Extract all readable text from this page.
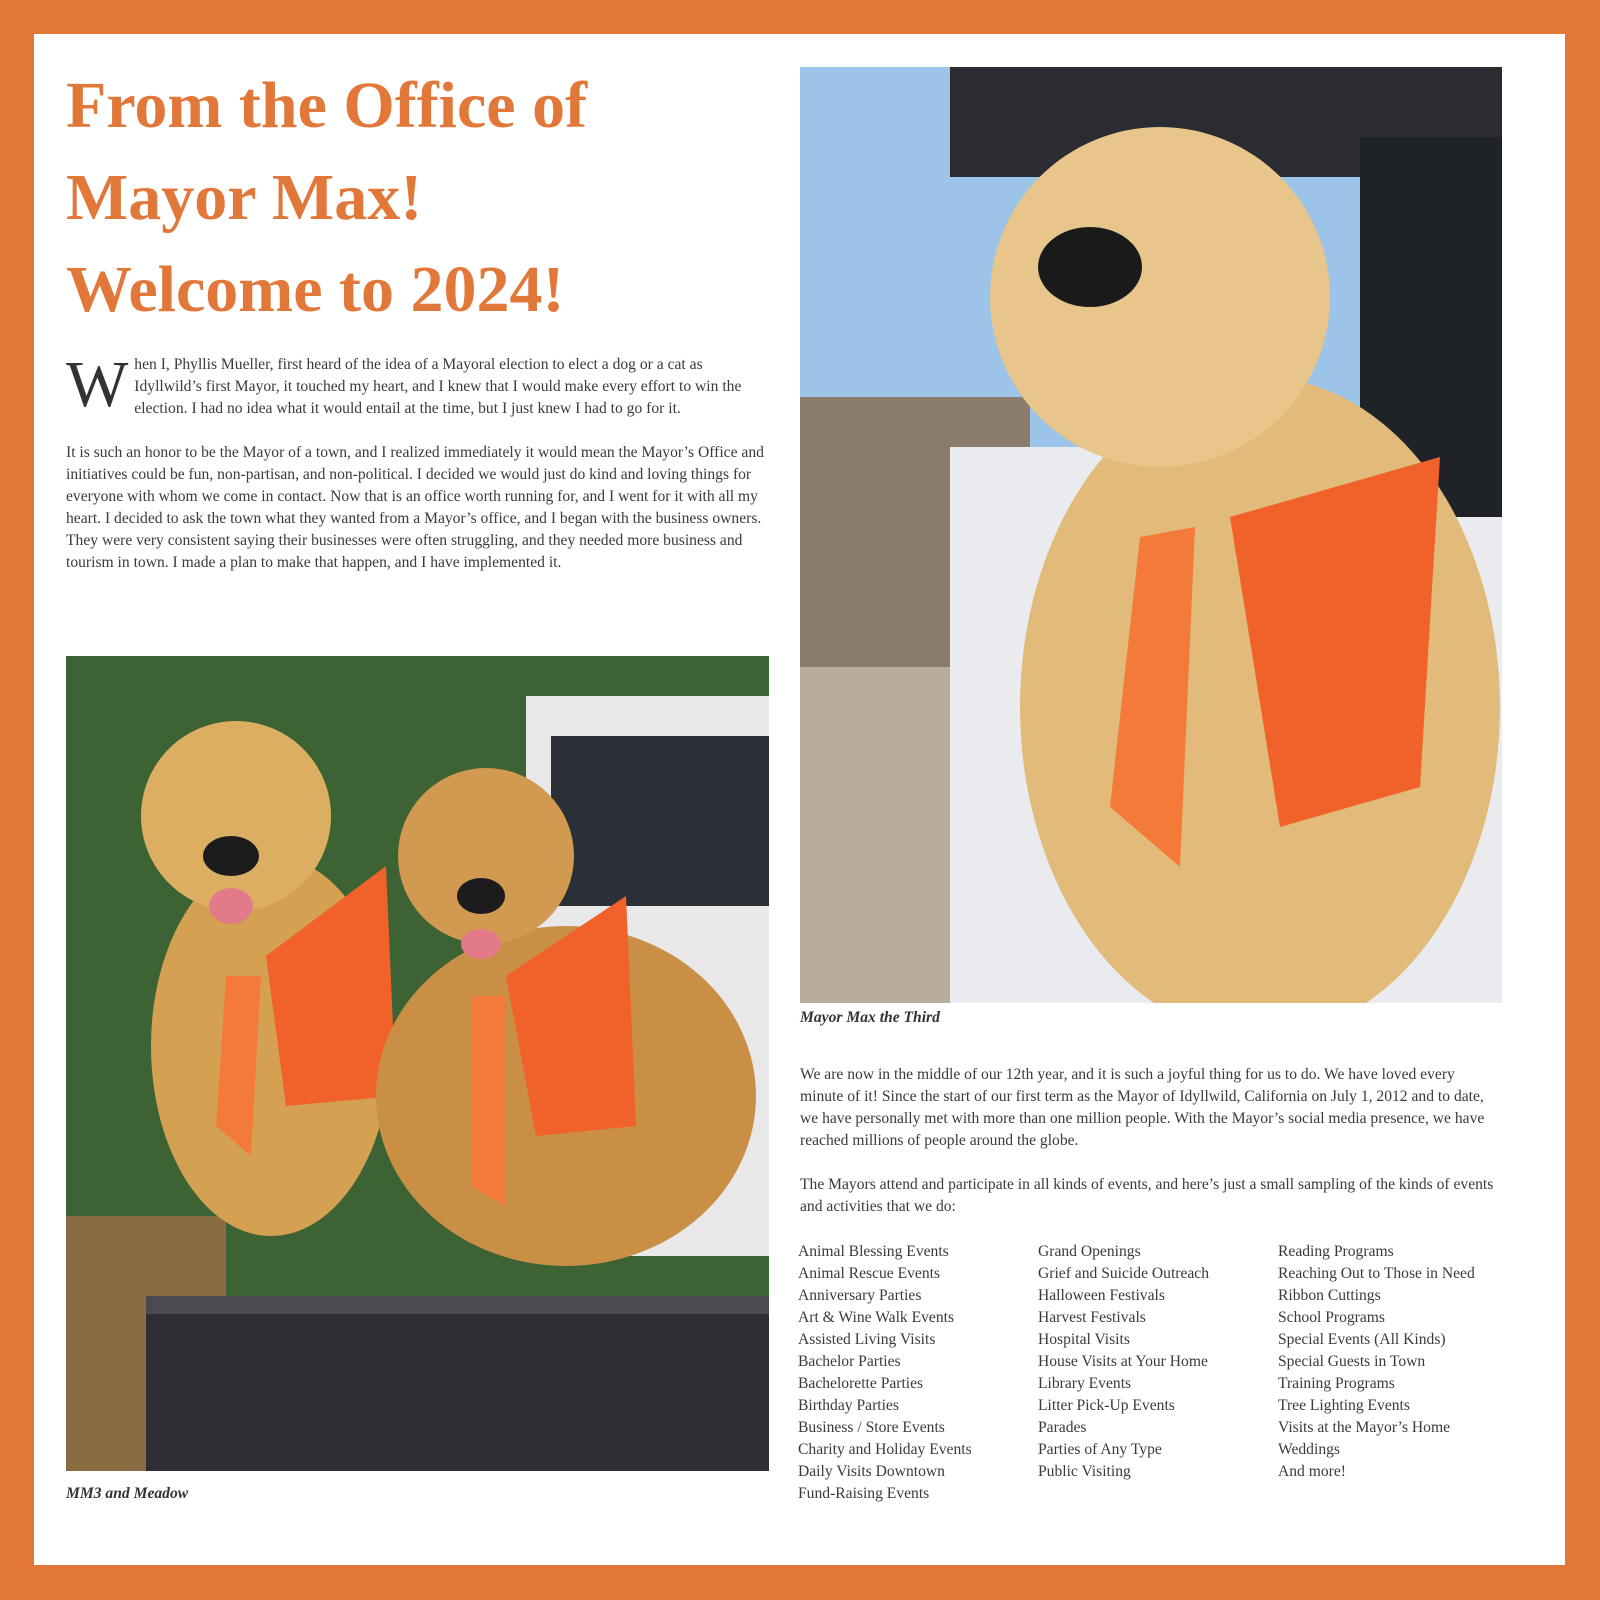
From the Office of
Mayor Max!
Welcome to 2024!

When I, Phyllis Mueller, first heard of the idea of a Mayoral election to elect a dog or a cat as Idyllwild’s first Mayor, it touched my heart, and I knew that I would make every effort to win the election. I had no idea what it would entail at the time, but I just knew I had to go for it.

It is such an honor to be the Mayor of a town, and I realized immediately it would mean the Mayor’s Office and initiatives could be fun, non-partisan, and non-political. I decided we would just do kind and loving things for everyone with whom we come in contact. Now that is an office worth running for, and I went for it with all my heart. I decided to ask the town what they wanted from a Mayor’s office, and I began with the business owners. They were very consistent saying their businesses were often struggling, and they needed more business and tourism in town. I made a plan to make that happen, and I have implemented it.

MM3 and Meadow
Mayor Max the Third

We are now in the middle of our 12th year, and it is such a joyful thing for us to do. We have loved every minute of it! Since the start of our first term as the Mayor of Idyllwild, California on July 1, 2012 and to date, we have personally met with more than one million people. With the Mayor’s social media presence, we have reached millions of people around the globe.

The Mayors attend and participate in all kinds of events, and here’s just a small sampling of the kinds of events and activities that we do:

Animal Blessing Events
Animal Rescue Events
Anniversary Parties
Art & Wine Walk Events
Assisted Living Visits
Bachelor Parties
Bachelorette Parties
Birthday Parties
Business / Store Events
Charity and Holiday Events
Daily Visits Downtown
Fund-Raising Events
Grand Openings
Grief and Suicide Outreach
Halloween Festivals
Harvest Festivals
Hospital Visits
House Visits at Your Home
Library Events
Litter Pick-Up Events
Parades
Parties of Any Type
Public Visiting
Reading Programs
Reaching Out to Those in Need
Ribbon Cuttings
School Programs
Special Events (All Kinds)
Special Guests in Town
Training Programs
Tree Lighting Events
Visits at the Mayor’s Home
Weddings
And more!
